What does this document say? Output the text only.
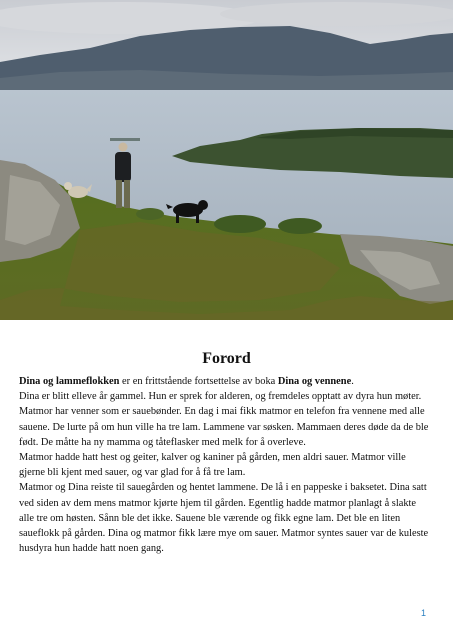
Forord

Dina og lammeflokken er en frittstående fortsettelse av boka Dina og vennene.

Dina er blitt elleve år gammel. Hun er sprek for alderen, og fremdeles opptatt av dyra hun møter.

Matmor har venner som er sauebønder. En dag i mai fikk matmor en telefon fra vennene med alle sauene. De lurte på om hun ville ha tre lam. Lammene var søsken. Mammaen deres døde da de ble født. De måtte ha ny mamma og tåteflasker med melk for å overleve.

Matmor hadde hatt hest og geiter, kalver og kaniner på gården, men aldri sauer. Matmor ville gjerne bli kjent med sauer, og var glad for å få tre lam.

Matmor og Dina reiste til sauegården og hentet lammene. De lå i en pappeske i baksetet. Dina satt ved siden av dem mens matmor kjørte hjem til gården. Egentlig hadde matmor planlagt å slakte alle tre om høsten. Sånn ble det ikke. Sauene ble værende og fikk egne lam. Det ble en liten saueflokk på gården. Dina og matmor fikk lære mye om sauer. Matmor syntes sauer var de kuleste husdyra hun hadde hatt noen gang.

1
